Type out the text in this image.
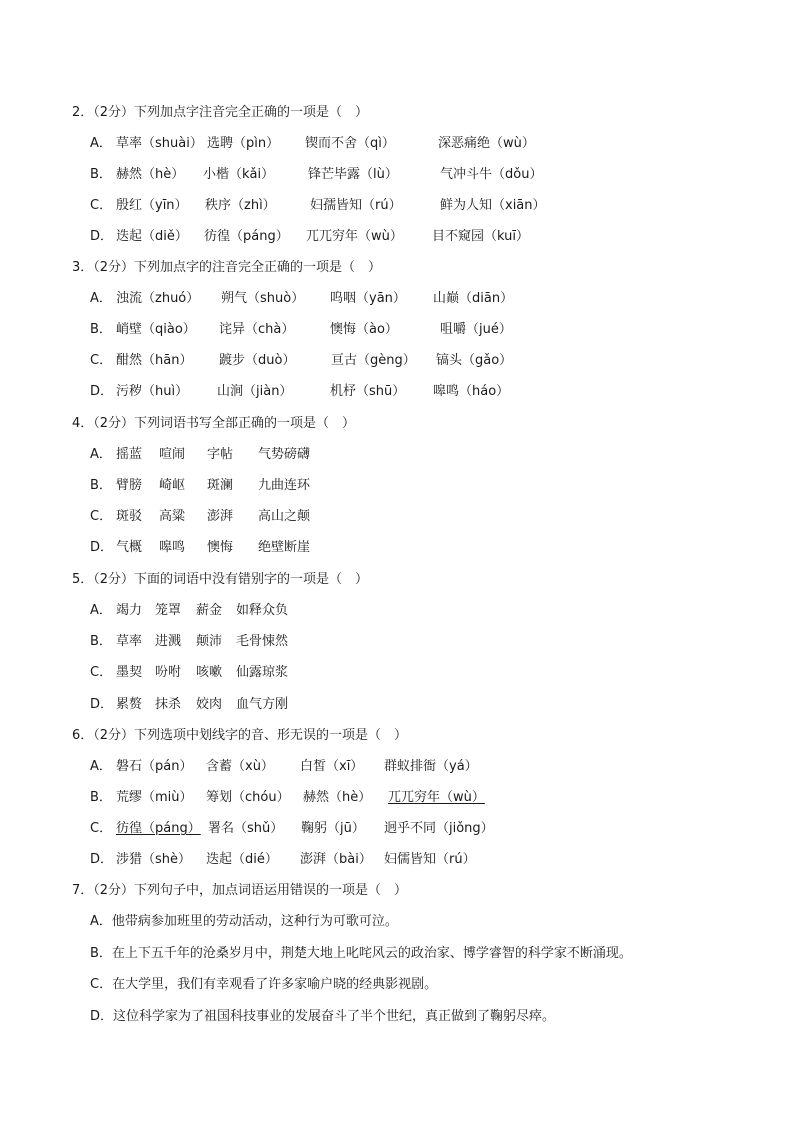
2．（2分）下列加点字注音完全正确的一项是（　）
A． 草率（shuài） 选聘（pìn） 锲而不舍（qì）	深恶痛绝（wù）
B． 赫然（hè） 小楷（kǎi）	锋芒毕露（lù）	气冲斗牛（dǒu）
C． 殷红（yīn） 秩序（zhì）	妇孺皆知（rú）	鲜为人知（xiān）
D． 迭起（diě） 彷徨（páng） 兀兀穷年（wù） 目不窥园（kuī）
3．（2分）下列加点字的注音完全正确的一项是（　）
A． 浊流（zhuó） 朔气（shuò） 呜咽（yān） 山巅（diān）
B． 峭壁（qiào） 诧异（chà）	懊悔（ào）	咀嚼（jué）
C． 酣然（hān） 踱步（duò）	亘古（gèng） 镐头（gǎo）
D． 污秽（huì） 山涧（jiàn）	机杼（shū） 嗥鸣（háo）
4．（2分）下列词语书写全部正确的一项是（　）
A． 摇蓝 喧闹 字帖 气势磅礴
B． 臂膀 崎岖 斑澜 九曲连环
C． 斑驳 高粱 澎湃 高山之颠
D． 气概 嗥鸣 懊悔 绝壁断崖
5．（2分）下面的词语中没有错别字的一项是（　）
A． 竭力 笼罩 薪金 如释众负
B． 草率 进溅 颠沛 毛骨悚然
C． 墨契 吩咐 咳嗽 仙露琼浆
D． 累赘 抹杀 姣肉 血气方刚
6．（2分）下列选项中划线字的音、形无误的一项是（　）
A． 磐石（pán） 含蓄（xù） 白皙（xī） 群蚁排衙（yá）
B． 荒缪（miù） 筹划（chóu） 赫然（hè） 兀兀穷年（wù）
C． 彷徨（páng） 署名（shǔ） 鞠躬（jū） 迥乎不同（jiǒng）
D． 涉猎（shè） 迭起（dié） 澎湃（bài） 妇儒皆知（rú）
7．（2分）下列句子中，加点词语运用错误的一项是（　）
A．他带病参加班里的劳动活动，这种行为可歌可泣。
B．在上下五千年的沧桑岁月中，荆楚大地上叱咤风云的政治家、博学睿智的科学家不断涌现。
C．在大学里，我们有幸观看了许多家喻户晓的经典影视剧。
D．这位科学家为了祖国科技事业的发展奋斗了半个世纪，真正做到了鞠躬尽瘁。
